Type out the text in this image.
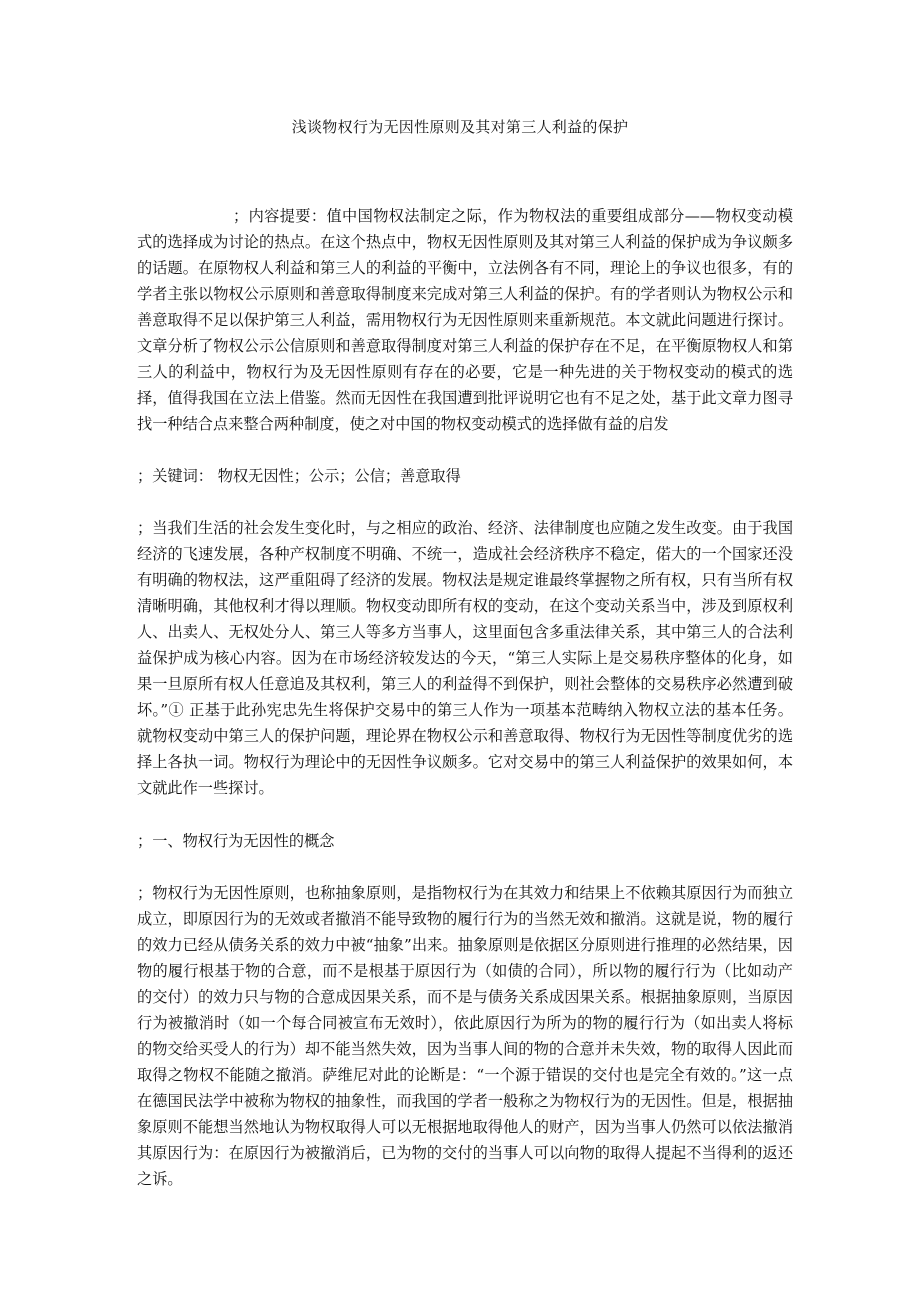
浅谈物权行为无因性原则及其对第三人利益的保护

；内容提要：值中国物权法制定之际，作为物权法的重要组成部分——物权变动模式的选择成为讨论的热点。在这个热点中，物权无因性原则及其对第三人利益的保护成为争议颇多的话题。在原物权人利益和第三人的利益的平衡中，立法例各有不同，理论上的争议也很多，有的学者主张以物权公示原则和善意取得制度来完成对第三人利益的保护。有的学者则认为物权公示和善意取得不足以保护第三人利益，需用物权行为无因性原则来重新规范。本文就此问题进行探讨。文章分析了物权公示公信原则和善意取得制度对第三人利益的保护存在不足，在平衡原物权人和第三人的利益中，物权行为及无因性原则有存在的必要，它是一种先进的关于物权变动的模式的选择，值得我国在立法上借鉴。然而无因性在我国遭到批评说明它也有不足之处，基于此文章力图寻找一种结合点来整合两种制度，使之对中国的物权变动模式的选择做有益的启发

；关键词： 物权无因性；公示；公信；善意取得

；当我们生活的社会发生变化时，与之相应的政治、经济、法律制度也应随之发生改变。由于我国经济的飞速发展，各种产权制度不明确、不统一，造成社会经济秩序不稳定，偌大的一个国家还没有明确的物权法，这严重阻碍了经济的发展。物权法是规定谁最终掌握物之所有权，只有当所有权清晰明确，其他权利才得以理顺。物权变动即所有权的变动，在这个变动关系当中，涉及到原权利人、出卖人、无权处分人、第三人等多方当事人，这里面包含多重法律关系，其中第三人的合法利益保护成为核心内容。因为在市场经济较发达的今天，“第三人实际上是交易秩序整体的化身，如果一旦原所有权人任意追及其权利，第三人的利益得不到保护，则社会整体的交易秩序必然遭到破坏。”① 正基于此孙宪忠先生将保护交易中的第三人作为一项基本范畴纳入物权立法的基本任务。就物权变动中第三人的保护问题，理论界在物权公示和善意取得、物权行为无因性等制度优劣的选择上各执一词。物权行为理论中的无因性争议颇多。它对交易中的第三人利益保护的效果如何，本文就此作一些探讨。

；一、物权行为无因性的概念

；物权行为无因性原则，也称抽象原则，是指物权行为在其效力和结果上不依赖其原因行为而独立成立，即原因行为的无效或者撤消不能导致物的履行行为的当然无效和撤消。这就是说，物的履行的效力已经从债务关系的效力中被“抽象”出来。抽象原则是依据区分原则进行推理的必然结果，因物的履行根基于物的合意，而不是根基于原因行为（如债的合同），所以物的履行行为（比如动产的交付）的效力只与物的合意成因果关系，而不是与债务关系成因果关系。根据抽象原则，当原因行为被撤消时（如一个每合同被宣布无效时），依此原因行为所为的物的履行行为（如出卖人将标的物交给买受人的行为）却不能当然失效，因为当事人间的物的合意并未失效，物的取得人因此而取得之物权不能随之撤消。萨维尼对此的论断是：“一个源于错误的交付也是完全有效的。”这一点在德国民法学中被称为物权的抽象性，而我国的学者一般称之为物权行为的无因性。但是，根据抽象原则不能想当然地认为物权取得人可以无根据地取得他人的财产，因为当事人仍然可以依法撤消其原因行为：在原因行为被撤消后，已为物的交付的当事人可以向物的取得人提起不当得利的返还之诉。
